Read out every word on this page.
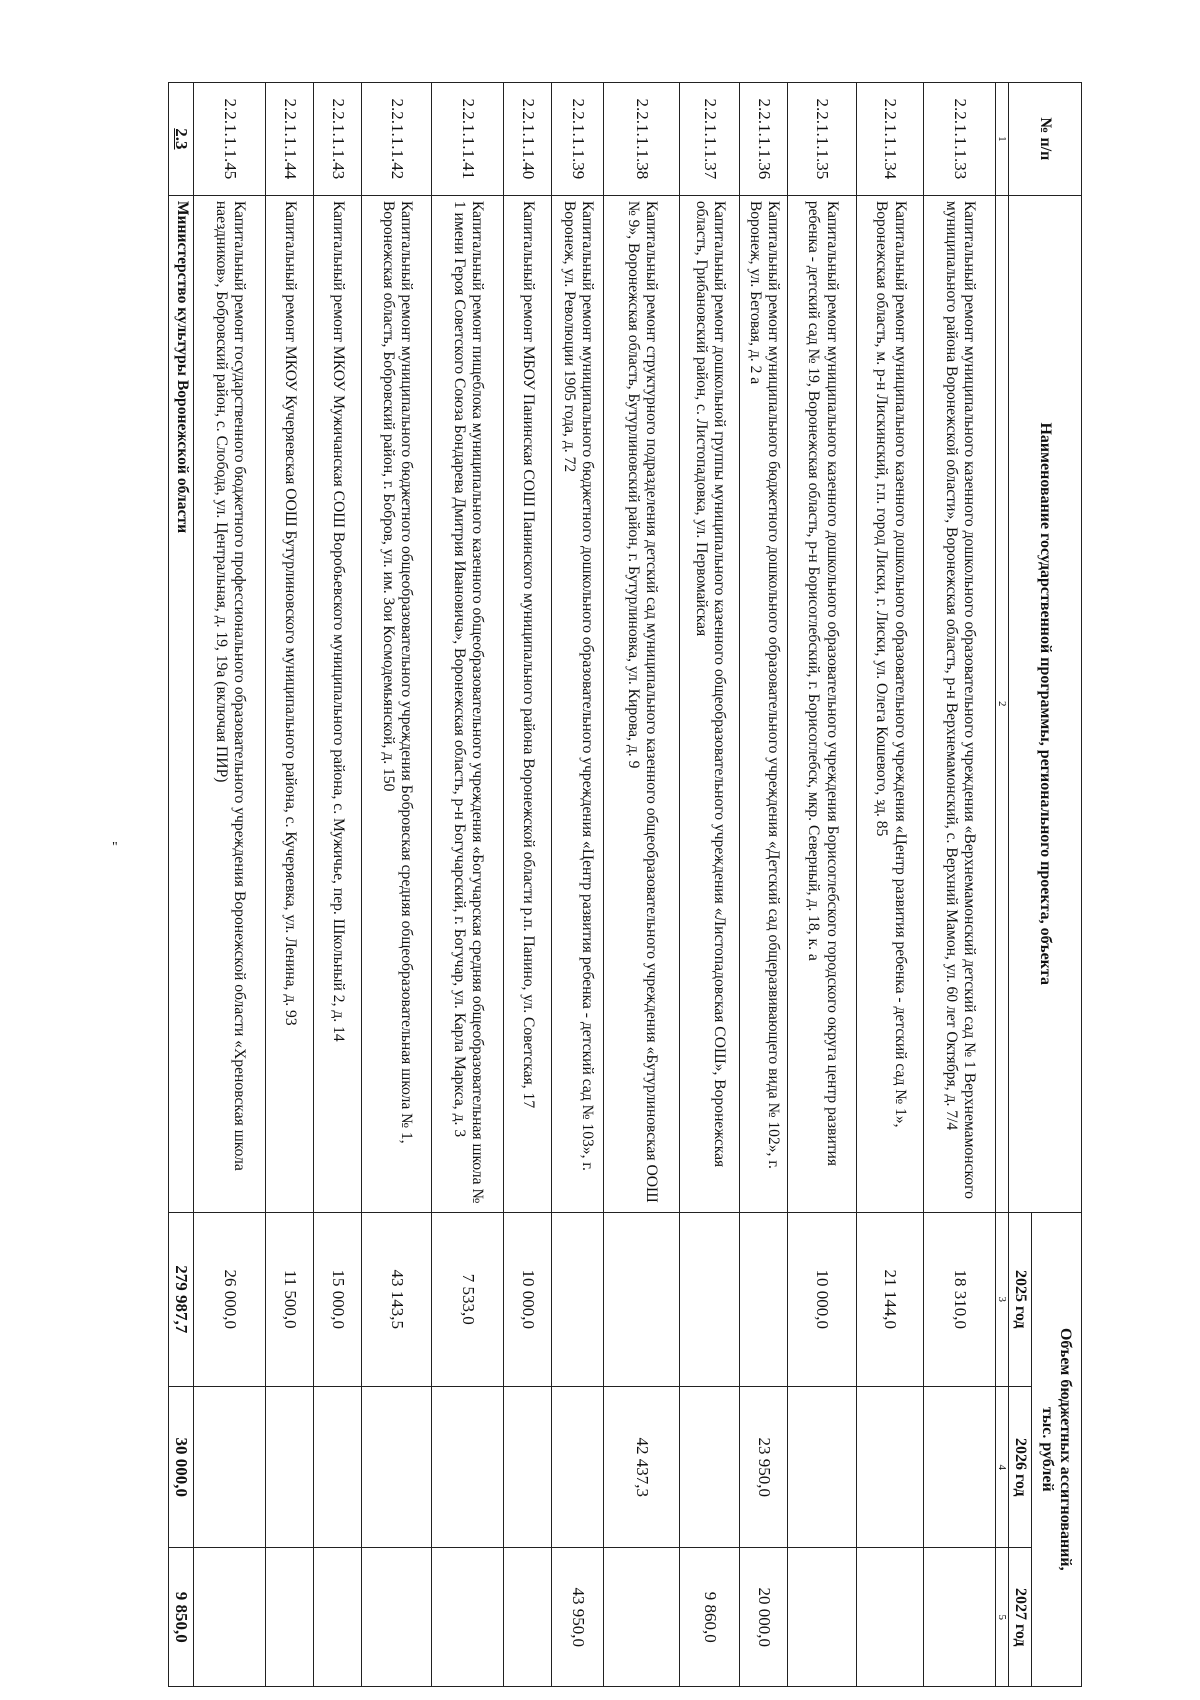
"
№ п/п	Наименование государственной программы, регионального проекта, объекта	Объем бюджетных ассигнований,
тыс. рублей		
		2025 год	2026 год	2027 год
1	2	3	4	5
2.2.1.1.1.33	Капитальный ремонт муниципального казенного дошкольного образовательного учреждения «Верхнемамонский детский сад № 1 Верхнемамонского муниципального района Воронежской области», Воронежская область, р-н Верхнемамонский, с. Верхний Мамон, ул. 60 лет Октября, д. 7/4	18 310,0		
2.2.1.1.1.34	Капитальный ремонт муниципального казенного дошкольного образовательного учреждения «Центр развития ребенка - детский сад № 1», Воронежская область, м. р-н Лискинский, г.п. город Лиски, г. Лиски, ул. Олега Кошевого, зд. 85	21 144,0		
2.2.1.1.1.35	Капитальный ремонт муниципального казенного дошкольного образовательного учреждения Борисоглебского городского округа центр развития ребенка - детский сад № 19, Воронежская область, р-н Борисоглебский, г. Борисоглебск, мкр. Северный, д. 18, к. а	10 000,0		
2.2.1.1.1.36	Капитальный ремонт муниципального бюджетного дошкольного образовательного учреждения «Детский сад общеразвивающего вида № 102», г. Воронеж, ул. Беговая, д. 2 а		23 950,0	20 000,0
2.2.1.1.1.37	Капитальный ремонт дошкольной группы муниципального казенного общеобразовательного учреждения «Листопадовская СОШ», Воронежская область, Грибановский район, с. Листопадовка, ул. Первомайская			9 860,0
2.2.1.1.1.38	Капитальный ремонт структурного подразделения детский сад муниципального казенного общеобразовательного учреждения «Бутурлиновская ООШ № 9», Воронежская область, Бутурлиновский район, г. Бутурлиновка, ул. Кирова, д. 9		42 437,3	
2.2.1.1.1.39	Капитальный ремонт муниципального бюджетного дошкольного образовательного учреждения «Центр развития ребенка - детский сад № 103», г. Воронеж, ул. Революции 1905 года, д. 72			43 950,0
2.2.1.1.1.40	Капитальный ремонт МБОУ Панинская СОШ Панинского муниципального района Воронежской области р.п. Панино, ул. Советская, 17	10 000,0		
2.2.1.1.1.41	Капитальный ремонт пищеблока муниципального казенного общеобразовательного учреждения «Богучарская средняя общеобразовательная школа № 1 имени Героя Советского Союза Бондарева Дмитрия Ивановича», Воронежская область, р-н Богучарский, г. Богучар, ул. Карла Маркса, д. 3	7 533,0		
2.2.1.1.1.42	Капитальный ремонт муниципального бюджетного общеобразовательного учреждения Бобровская средняя общеобразовательная школа № 1, Воронежская область, Бобровский район, г. Бобров, ул. им. Зои Космодемьянской, д. 150	43 143,5		
2.2.1.1.1.43	Капитальный ремонт МКОУ Мужичанская СОШ Воробьевского муниципального района, с. Мужичье, пер. Школьный 2, д. 14	15 000,0		
2.2.1.1.1.44	Капитальный ремонт МКОУ Кучеряевская ООШ Бутурлиновского муниципального района, с. Кучеряевка, ул. Ленина, д. 93	11 500,0		
2.2.1.1.1.45	Капитальный ремонт государственного бюджетного профессионального образовательного учреждения Воронежской области «Хреновская школа наездников», Бобровский район, с. Слобода, ул. Центральная, д. 19, 19а (включая ПИР)	26 000,0		
2.3	Министерство культуры Воронежской области	279 987,7	30 000,0	9 850,0
